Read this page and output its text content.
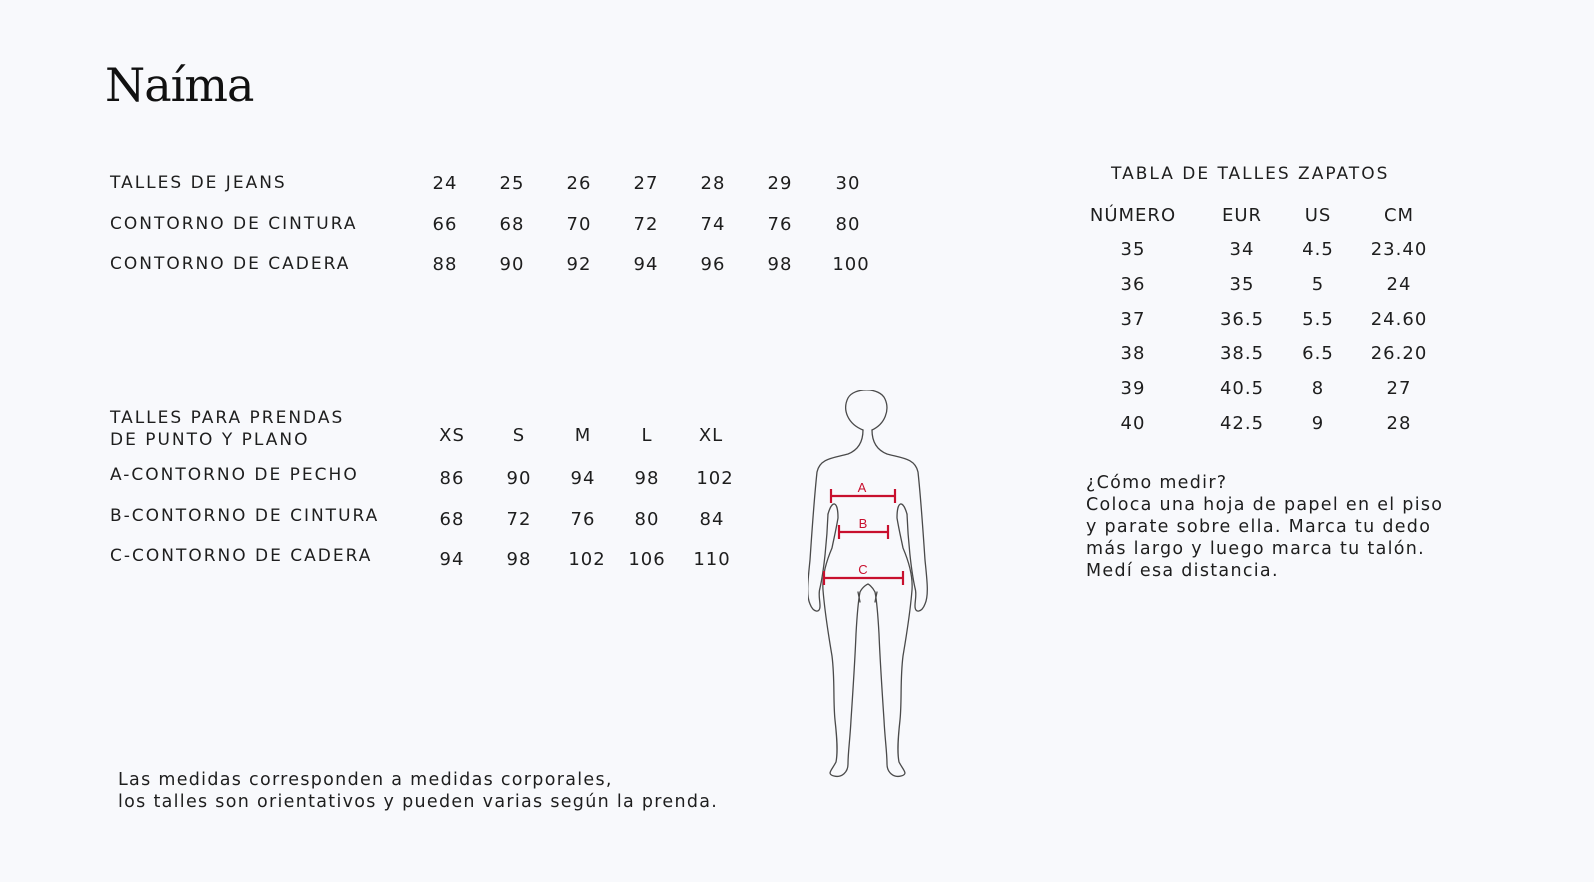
Naíma
TALLES DE JEANS	24 25 26 27 28 29 30
CONTORNO DE CINTURA	66 68 70 72 74 76 80
CONTORNO DE CADERA	88 90 92 94 96 98 100
TALLES PARA PRENDAS
DE PUNTO Y PLANO	XS	S	M	L	XL
A-CONTORNO DE PECHO	86 90 94 98 102
B-CONTORNO DE CINTURA	68 72 76 80 84
C-CONTORNO DE CADERA	94 98 102 106 110
A
B
C
TABLA DE TALLES ZAPATOS
NÚMERO	EUR US	CM
35	34	4.5 23.40
36	35	5	24
37	36.5 5.5 24.60
38	38.5 6.5 26.20
39	40.5	8	27
40	42.5	9	28
¿Cómo medir?
Coloca una hoja de papel en el piso
y parate sobre ella. Marca tu dedo
más largo y luego marca tu talón.
Medí esa distancia.
Las medidas corresponden a medidas corporales,
los talles son orientativos y pueden varias según la prenda.
